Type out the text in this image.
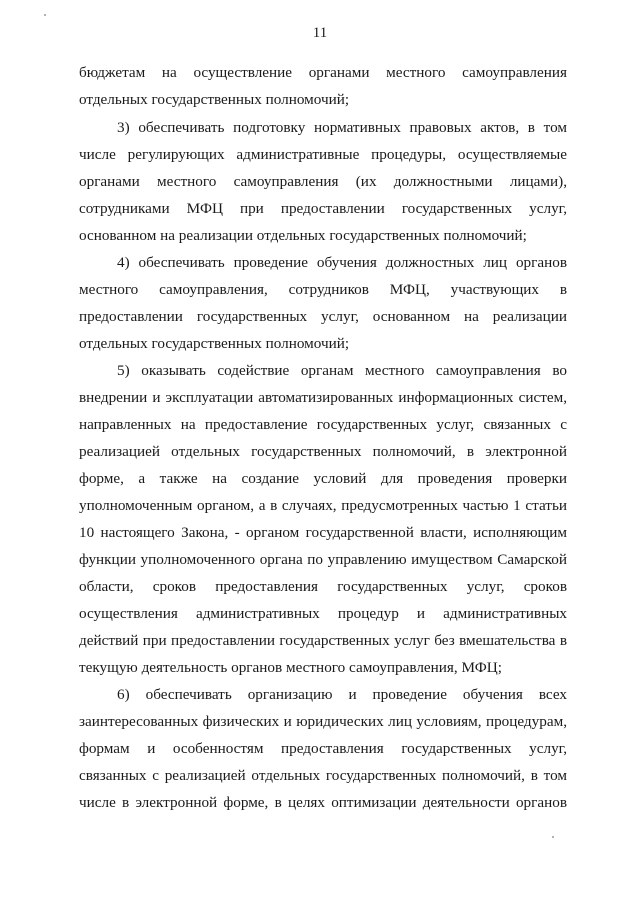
11
бюджетам на осуществление органами местного самоуправления
отдельных государственных полномочий;
3) обеспечивать подготовку нормативных правовых актов, в том
числе регулирующих административные процедуры, осуществляемые
органами местного самоуправления (их должностными лицами),
сотрудниками МФЦ при предоставлении государственных услуг,
основанном на реализации отдельных государственных полномочий;
4) обеспечивать проведение обучения должностных лиц органов
местного самоуправления, сотрудников МФЦ, участвующих в
предоставлении государственных услуг, основанном на реализации
отдельных государственных полномочий;
5) оказывать содействие органам местного самоуправления во
внедрении и эксплуатации автоматизированных информационных систем,
направленных на предоставление государственных услуг, связанных с
реализацией отдельных государственных полномочий, в электронной
форме, а также на создание условий для проведения проверки
уполномоченным органом, а в случаях, предусмотренных частью 1 статьи
10 настоящего Закона, - органом государственной власти, исполняющим
функции уполномоченного органа по управлению имуществом Самарской
области, сроков предоставления государственных услуг, сроков
осуществления административных процедур и административных
действий при предоставлении государственных услуг без вмешательства в
текущую деятельность органов местного самоуправления, МФЦ;
6) обеспечивать организацию и проведение обучения всех
заинтересованных физических и юридических лиц условиям, процедурам,
формам и особенностям предоставления государственных услуг,
связанных с реализацией отдельных государственных полномочий, в том
числе в электронной форме, в целях оптимизации деятельности органов
